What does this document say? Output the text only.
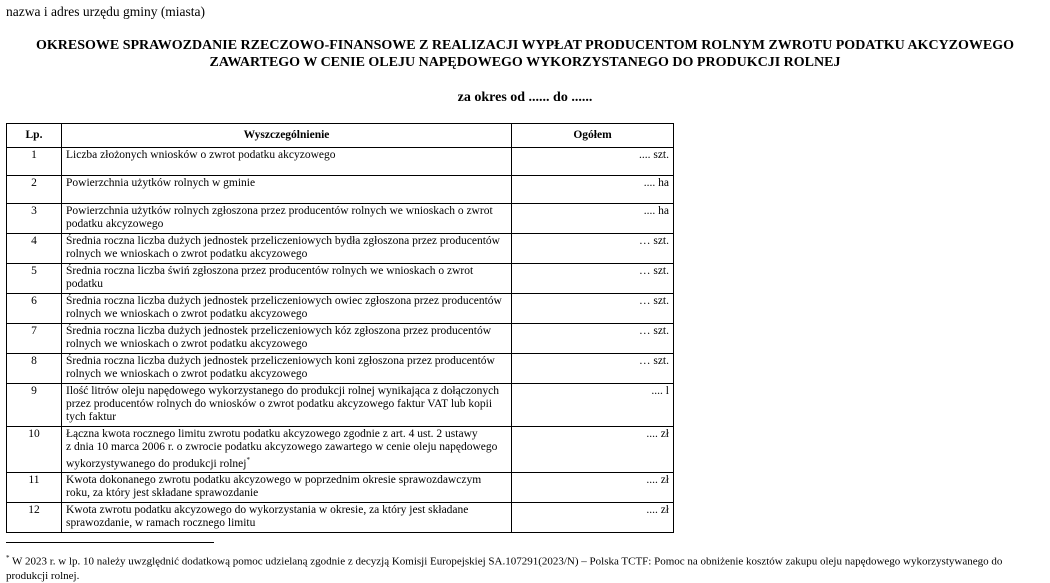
nazwa i adres urzędu gminy (miasta)
OKRESOWE SPRAWOZDANIE RZECZOWO-FINANSOWE Z REALIZACJI WYPŁAT PRODUCENTOM ROLNYM ZWROTU PODATKU AKCYZOWEGO
ZAWARTEGO W CENIE OLEJU NAPĘDOWEGO WYKORZYSTANEGO DO PRODUKCJI ROLNEJ
za okres od ...... do ......
Lp.	Wyszczególnienie	Ogółem
1	Liczba złożonych wniosków o zwrot podatku akcyzowego	.... szt.
2	Powierzchnia użytków rolnych w gminie	.... ha
3	Powierzchnia użytków rolnych zgłoszona przez producentów rolnych we wnioskach o zwrot podatku akcyzowego	.... ha
4	Średnia roczna liczba dużych jednostek przeliczeniowych bydła zgłoszona przez producentów rolnych we wnioskach o zwrot podatku akcyzowego	… szt.
5	Średnia roczna liczba świń zgłoszona przez producentów rolnych we wnioskach o zwrot podatku	… szt.
6	Średnia roczna liczba dużych jednostek przeliczeniowych owiec zgłoszona przez producentów rolnych we wnioskach o zwrot podatku akcyzowego	… szt.
7	Średnia roczna liczba dużych jednostek przeliczeniowych kóz zgłoszona przez producentów rolnych we wnioskach o zwrot podatku akcyzowego	… szt.
8	Średnia roczna liczba dużych jednostek przeliczeniowych koni zgłoszona przez producentów rolnych we wnioskach o zwrot podatku akcyzowego	… szt.
9	Ilość litrów oleju napędowego wykorzystanego do produkcji rolnej wynikająca z dołączonych przez producentów rolnych do wniosków o zwrot podatku akcyzowego faktur VAT lub kopii tych faktur	.... l
10	Łączna kwota rocznego limitu zwrotu podatku akcyzowego zgodnie z art. 4 ust. 2 ustawy
z dnia 10 marca 2006 r. o zwrocie podatku akcyzowego zawartego w cenie oleju napędowego
wykorzystywanego do produkcji rolnej*	.... zł
11	Kwota dokonanego zwrotu podatku akcyzowego w poprzednim okresie sprawozdawczym roku, za który jest składane sprawozdanie	.... zł
12	Kwota zwrotu podatku akcyzowego do wykorzystania w okresie, za który jest składane sprawozdanie, w ramach rocznego limitu	.... zł
* W 2023 r. w lp. 10 należy uwzględnić dodatkową pomoc udzielaną zgodnie z decyzją Komisji Europejskiej SA.107291(2023/N) – Polska TCTF: Pomoc na obniżenie kosztów zakupu oleju napędowego wykorzystywanego do produkcji rolnej.
